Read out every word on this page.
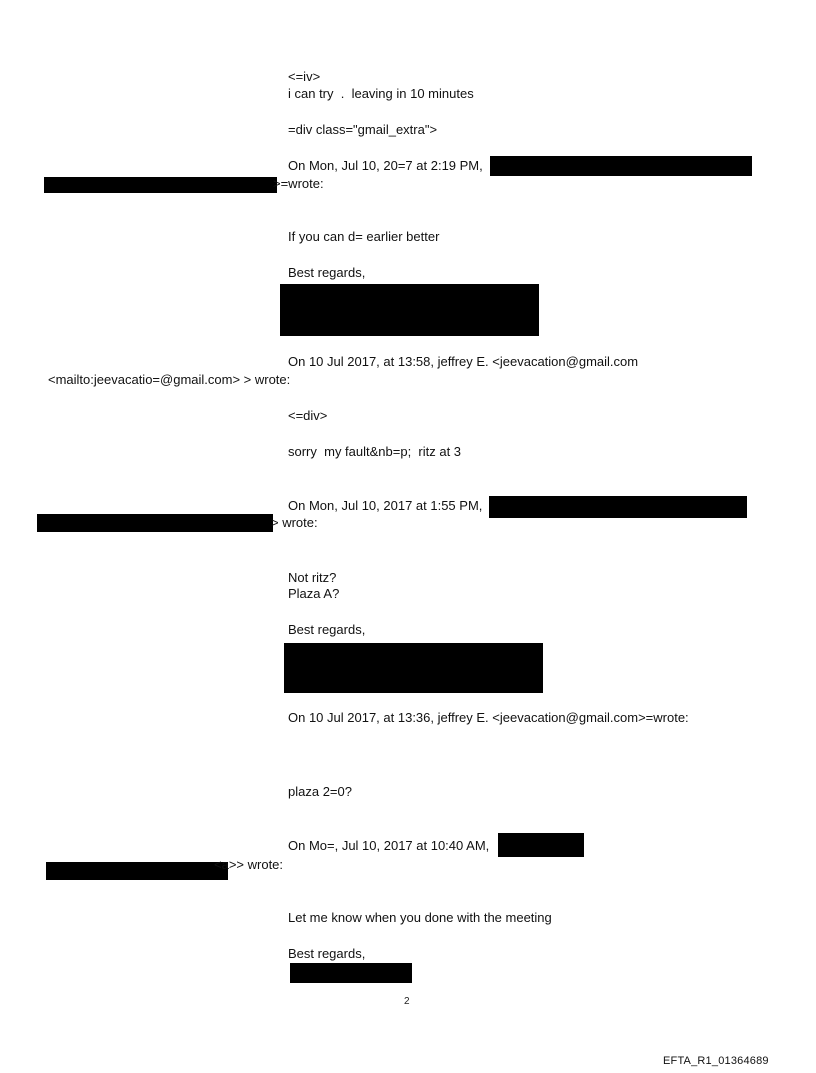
<=iv>
i can try  .  leaving in 10 minutes
=div class="gmail_extra">
On Mon, Jul 10, 20=7 at 2:19 PM,
>=wrote:
If you can d= earlier better
Best regards,
On 10 Jul 2017, at 13:58, jeffrey E. <jeevacation@gmail.com
<mailto:jeevacatio=@gmail.com> > wrote:
<=div>
sorry  my fault&nb=p;  ritz at 3
On Mon, Jul 10, 2017 at 1:55 PM,
> wrote:
Not ritz?
Plaza A?
Best regards,
On 10 Jul 2017, at 13:36, jeffrey E. <jeevacation@gmail.com>=wrote:
plaza 2=0?
On Mo=, Jul 10, 2017 at 10:40 AM,
<a>> wrote:
Let me know when you done with the meeting
Best regards,
2
EFTA_R1_01364689
